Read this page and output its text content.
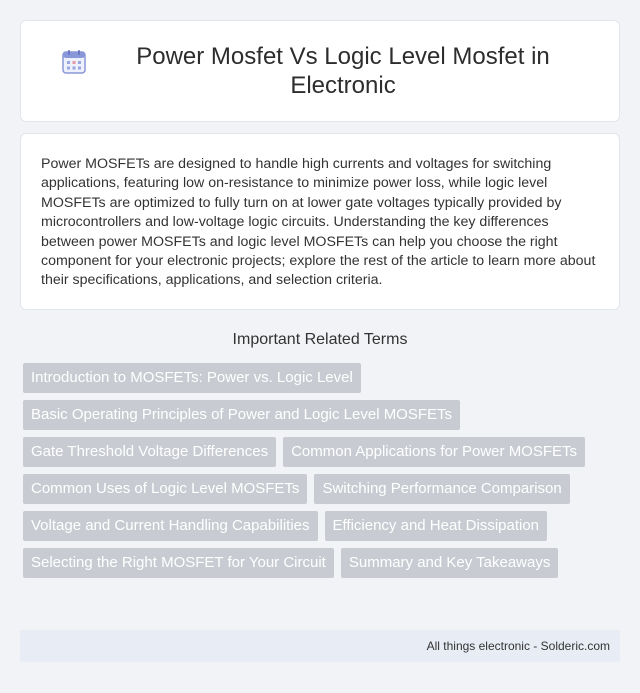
Power Mosfet Vs Logic Level Mosfet in Electronic

Power MOSFETs are designed to handle high currents and voltages for switching applications, featuring low on-resistance to minimize power loss, while logic level MOSFETs are optimized to fully turn on at lower gate voltages typically provided by microcontrollers and low-voltage logic circuits. Understanding the key differences between power MOSFETs and logic level MOSFETs can help you choose the right component for your electronic projects; explore the rest of the article to learn more about their specifications, applications, and selection criteria.

Important Related Terms
Introduction to MOSFETs: Power vs. Logic Level
Basic Operating Principles of Power and Logic Level MOSFETs
Gate Threshold Voltage Differences	Common Applications for Power MOSFETs
Common Uses of Logic Level MOSFETs	Switching Performance Comparison
Voltage and Current Handling Capabilities	Efficiency and Heat Dissipation
Selecting the Right MOSFET for Your Circuit	Summary and Key Takeaways
All things electronic - Solderic.com
